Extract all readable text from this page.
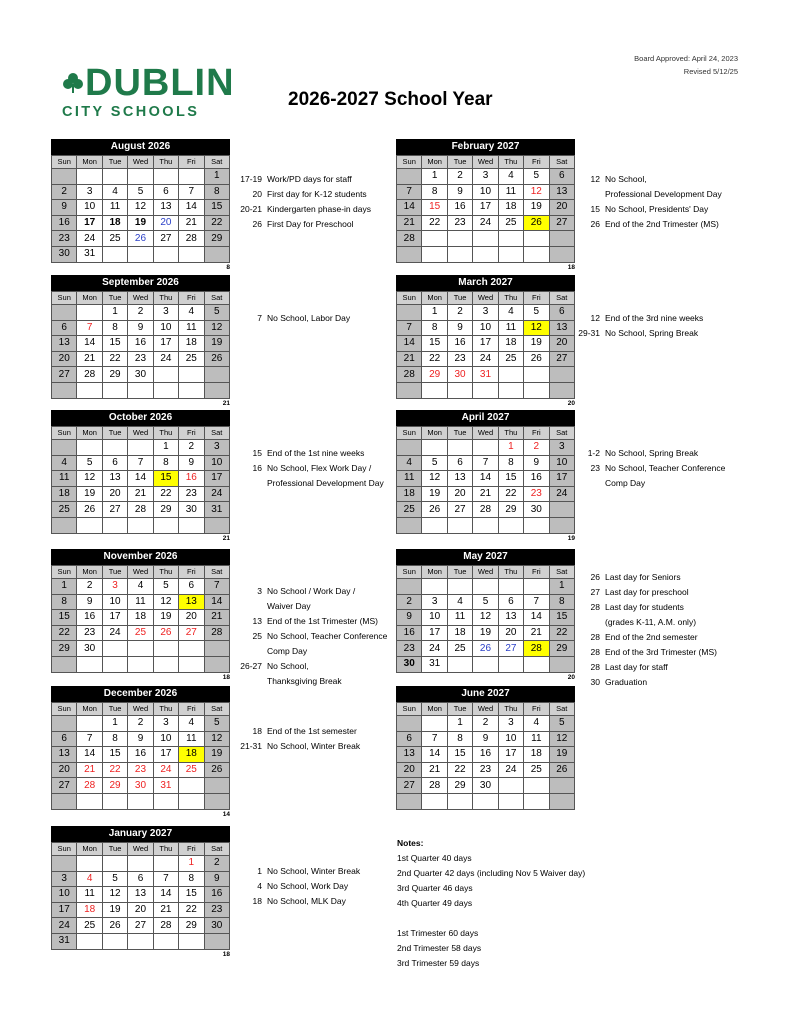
Board Approved: April 24, 2023
Revised 5/12/25
DUBLIN
CITY SCHOOLS
2026-2027 School Year
August 2026
Sun	Mon	Tue	Wed	Thu	Fri	Sat
						1
2	3	4	5	6	7	8
9	10	11	12	13	14	15
16	17	18	19	20	21	22
23	24	25	26	27	28	29
30	31					
8
September 2026
Sun	Mon	Tue	Wed	Thu	Fri	Sat
		1	2	3	4	5
6	7	8	9	10	11	12
13	14	15	16	17	18	19
20	21	22	23	24	25	26
27	28	29	30			

21
October 2026
Sun	Mon	Tue	Wed	Thu	Fri	Sat
				1	2	3
4	5	6	7	8	9	10
11	12	13	14	15	16	17
18	19	20	21	22	23	24
25	26	27	28	29	30	31

21
November 2026
Sun	Mon	Tue	Wed	Thu	Fri	Sat
1	2	3	4	5	6	7
8	9	10	11	12	13	14
15	16	17	18	19	20	21
22	23	24	25	26	27	28
29	30					

18
December 2026
Sun	Mon	Tue	Wed	Thu	Fri	Sat
		1	2	3	4	5
6	7	8	9	10	11	12
13	14	15	16	17	18	19
20	21	22	23	24	25	26
27	28	29	30	31		

14
January 2027
Sun	Mon	Tue	Wed	Thu	Fri	Sat
					1	2
3	4	5	6	7	8	9
10	11	12	13	14	15	16
17	18	19	20	21	22	23
24	25	26	27	28	29	30
31						
18
February 2027
Sun	Mon	Tue	Wed	Thu	Fri	Sat
	1	2	3	4	5	6
7	8	9	10	11	12	13
14	15	16	17	18	19	20
21	22	23	24	25	26	27
28						

18
March 2027
Sun	Mon	Tue	Wed	Thu	Fri	Sat
	1	2	3	4	5	6
7	8	9	10	11	12	13
14	15	16	17	18	19	20
21	22	23	24	25	26	27
28	29	30	31			

20
April 2027
Sun	Mon	Tue	Wed	Thu	Fri	Sat
				1	2	3
4	5	6	7	8	9	10
11	12	13	14	15	16	17
18	19	20	21	22	23	24
25	26	27	28	29	30	

19
May 2027
Sun	Mon	Tue	Wed	Thu	Fri	Sat
						1
2	3	4	5	6	7	8
9	10	11	12	13	14	15
16	17	18	19	20	21	22
23	24	25	26	27	28	29
30	31					
20
June 2027
Sun	Mon	Tue	Wed	Thu	Fri	Sat
		1	2	3	4	5
6	7	8	9	10	11	12
13	14	15	16	17	18	19
20	21	22	23	24	25	26
27	28	29	30			

Notes:
1st Quarter 40 days
2nd Quarter 42 days (including Nov 5 Waiver day)
3rd Quarter 46 days
4th Quarter 49 days
1st Trimester 60 days
2nd Trimester 58 days
3rd Trimester 59 days
17-19 Work/PD days for staff
20 First day for K-12 students
20-21 Kindergarten phase-in days
26 First Day for Preschool
7 No School, Labor Day
15 End of the 1st nine weeks
16 No School, Flex Work Day /
Professional Development Day
3 No School / Work Day /
Waiver Day
13 End of the 1st Trimester (MS)
25 No School, Teacher Conference
Comp Day
26-27 No School,
Thanksgiving Break
18 End of the 1st semester
21-31 No School, Winter Break
1 No School, Winter Break
4 No School, Work Day
18 No School, MLK Day
12 No School,
Professional Development Day
15 No School, Presidents' Day
26 End of the 2nd Trimester (MS)
12 End of the 3rd nine weeks
29-31 No School, Spring Break
1-2 No School, Spring Break
23 No School, Teacher Conference
Comp Day
26 Last day for Seniors
27 Last day for preschool
28 Last day for students
(grades K-11, A.M. only)
28 End of the 2nd semester
28 End of the 3rd Trimester (MS)
28 Last day for staff
30 Graduation
